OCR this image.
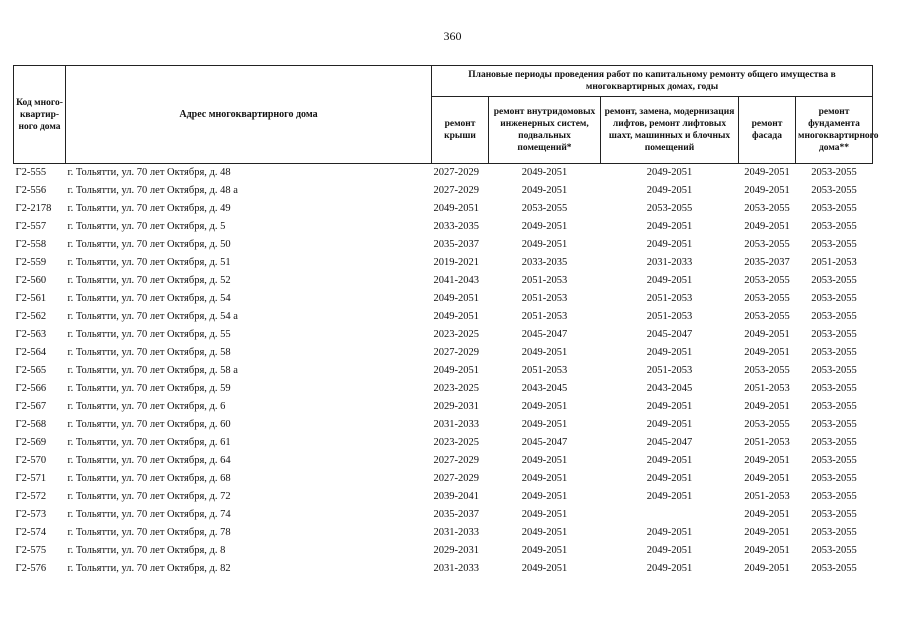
360
Код много-квартир-ного дома	Адрес многоквартирного дома	Плановые периоды проведения работ по капитальному ремонту общего имущества в многоквартирных домах, годы				
		ремонт крыши	ремонт внутридомовых инженерных систем, подвальных помещений*	ремонт, замена, модернизация лифтов, ремонт лифтовых шахт, машинных и блочных помещений	ремонт фасада	ремонт фундамента многоквартирного дома**
Г2-555	г. Тольятти, ул. 70 лет Октября, д. 48	2027-2029	2049-2051	2049-2051	2049-2051	2053-2055
Г2-556	г. Тольятти, ул. 70 лет Октября, д. 48 а	2027-2029	2049-2051	2049-2051	2049-2051	2053-2055
Г2-2178	г. Тольятти, ул. 70 лет Октября, д. 49	2049-2051	2053-2055	2053-2055	2053-2055	2053-2055
Г2-557	г. Тольятти, ул. 70 лет Октября, д. 5	2033-2035	2049-2051	2049-2051	2049-2051	2053-2055
Г2-558	г. Тольятти, ул. 70 лет Октября, д. 50	2035-2037	2049-2051	2049-2051	2053-2055	2053-2055
Г2-559	г. Тольятти, ул. 70 лет Октября, д. 51	2019-2021	2033-2035	2031-2033	2035-2037	2051-2053
Г2-560	г. Тольятти, ул. 70 лет Октября, д. 52	2041-2043	2051-2053	2049-2051	2053-2055	2053-2055
Г2-561	г. Тольятти, ул. 70 лет Октября, д. 54	2049-2051	2051-2053	2051-2053	2053-2055	2053-2055
Г2-562	г. Тольятти, ул. 70 лет Октября, д. 54 а	2049-2051	2051-2053	2051-2053	2053-2055	2053-2055
Г2-563	г. Тольятти, ул. 70 лет Октября, д. 55	2023-2025	2045-2047	2045-2047	2049-2051	2053-2055
Г2-564	г. Тольятти, ул. 70 лет Октября, д. 58	2027-2029	2049-2051	2049-2051	2049-2051	2053-2055
Г2-565	г. Тольятти, ул. 70 лет Октября, д. 58 а	2049-2051	2051-2053	2051-2053	2053-2055	2053-2055
Г2-566	г. Тольятти, ул. 70 лет Октября, д. 59	2023-2025	2043-2045	2043-2045	2051-2053	2053-2055
Г2-567	г. Тольятти, ул. 70 лет Октября, д. 6	2029-2031	2049-2051	2049-2051	2049-2051	2053-2055
Г2-568	г. Тольятти, ул. 70 лет Октября, д. 60	2031-2033	2049-2051	2049-2051	2053-2055	2053-2055
Г2-569	г. Тольятти, ул. 70 лет Октября, д. 61	2023-2025	2045-2047	2045-2047	2051-2053	2053-2055
Г2-570	г. Тольятти, ул. 70 лет Октября, д. 64	2027-2029	2049-2051	2049-2051	2049-2051	2053-2055
Г2-571	г. Тольятти, ул. 70 лет Октября, д. 68	2027-2029	2049-2051	2049-2051	2049-2051	2053-2055
Г2-572	г. Тольятти, ул. 70 лет Октября, д. 72	2039-2041	2049-2051	2049-2051	2051-2053	2053-2055
Г2-573	г. Тольятти, ул. 70 лет Октября, д. 74	2035-2037	2049-2051		2049-2051	2053-2055
Г2-574	г. Тольятти, ул. 70 лет Октября, д. 78	2031-2033	2049-2051	2049-2051	2049-2051	2053-2055
Г2-575	г. Тольятти, ул. 70 лет Октября, д. 8	2029-2031	2049-2051	2049-2051	2049-2051	2053-2055
Г2-576	г. Тольятти, ул. 70 лет Октября, д. 82	2031-2033	2049-2051	2049-2051	2049-2051	2053-2055
